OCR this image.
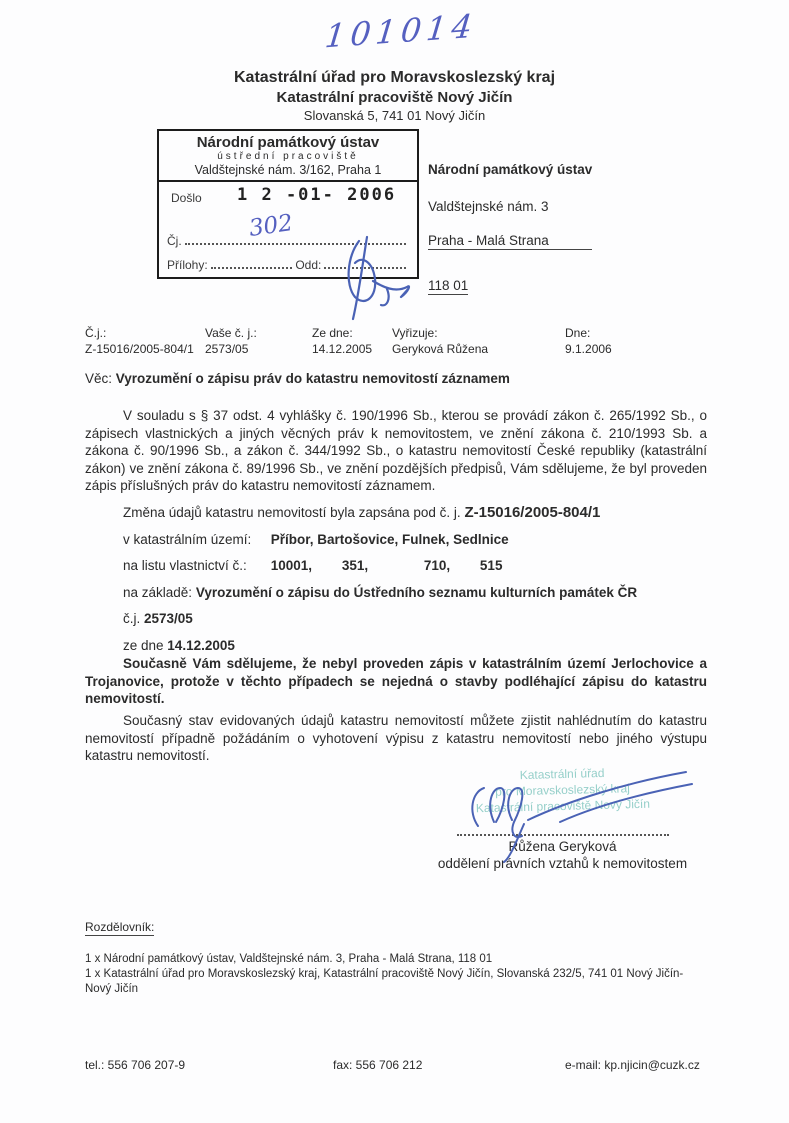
101014
Katastrální úřad pro Moravskoslezský kraj
Katastrální pracoviště Nový Jičín
Slovanská 5, 741 01 Nový Jičín
Národní památkový ústav
ústřední pracoviště
Valdštejnské nám. 3/162, Praha 1
Došlo 1 2 -01- 2006
Čj.
Přílohy:	Odd:
302
Národní památkový ústav
Valdštejnské nám. 3
Praha - Malá Strana

118 01
Č.j.:
Z-15016/2005-804/1
Vaše č. j.:
2573/05
Ze dne:
14.12.2005
Vyřizuje:
Geryková Růžena
Dne:
9.1.2006
Věc: Vyrozumění o zápisu práv do katastru nemovitostí záznamem
V souladu s § 37 odst. 4 vyhlášky č. 190/1996 Sb., kterou se provádí zákon č. 265/1992 Sb., o zápisech vlastnických a jiných věcných práv k nemovitostem, ve znění zákona č. 210/1993 Sb. a zákona č. 90/1996 Sb., a zákon č. 344/1992 Sb., o katastru nemovitostí České republiky (katastrální zákon) ve znění zákona č. 89/1996 Sb., ve znění pozdějších předpisů, Vám sdělujeme, že byl proveden zápis příslušných práv do katastru nemovitostí záznamem.
Změna údajů katastru nemovitostí byla zapsána pod č. j. Z-15016/2005-804/1
v katastrálním území: Příbor, Bartošovice, Fulnek, Sedlnice
na listu vlastnictví č.: 10001, 351,	710, 515
na základě: Vyrozumění o zápisu do Ústředního seznamu kulturních památek ČR
č.j. 2573/05
ze dne 14.12.2005
Současně Vám sdělujeme, že nebyl proveden zápis v katastrálním území Jerlochovice a Trojanovice, protože v těchto případech se nejedná o stavby podléhající zápisu do katastru nemovitostí.
Současný stav evidovaných údajů katastru nemovitostí můžete zjistit nahlédnutím do katastru nemovitostí případně požádáním o vyhotovení výpisu z katastru nemovitostí nebo jiného výstupu katastru nemovitostí.
Katastrální úřad
pro Moravskoslezský kraj
Katastrální pracoviště Nový Jičín
Růžena Geryková
oddělení právních vztahů k nemovitostem
Rozdělovník:
1 x Národní památkový ústav, Valdštejnské nám. 3, Praha - Malá Strana, 118 01
1 x Katastrální úřad pro Moravskoslezský kraj, Katastrální pracoviště Nový Jičín, Slovanská 232/5, 741 01 Nový Jičín-Nový Jičín
tel.: 556 706 207-9	fax: 556 706 212	e-mail: kp.njicin@cuzk.cz
